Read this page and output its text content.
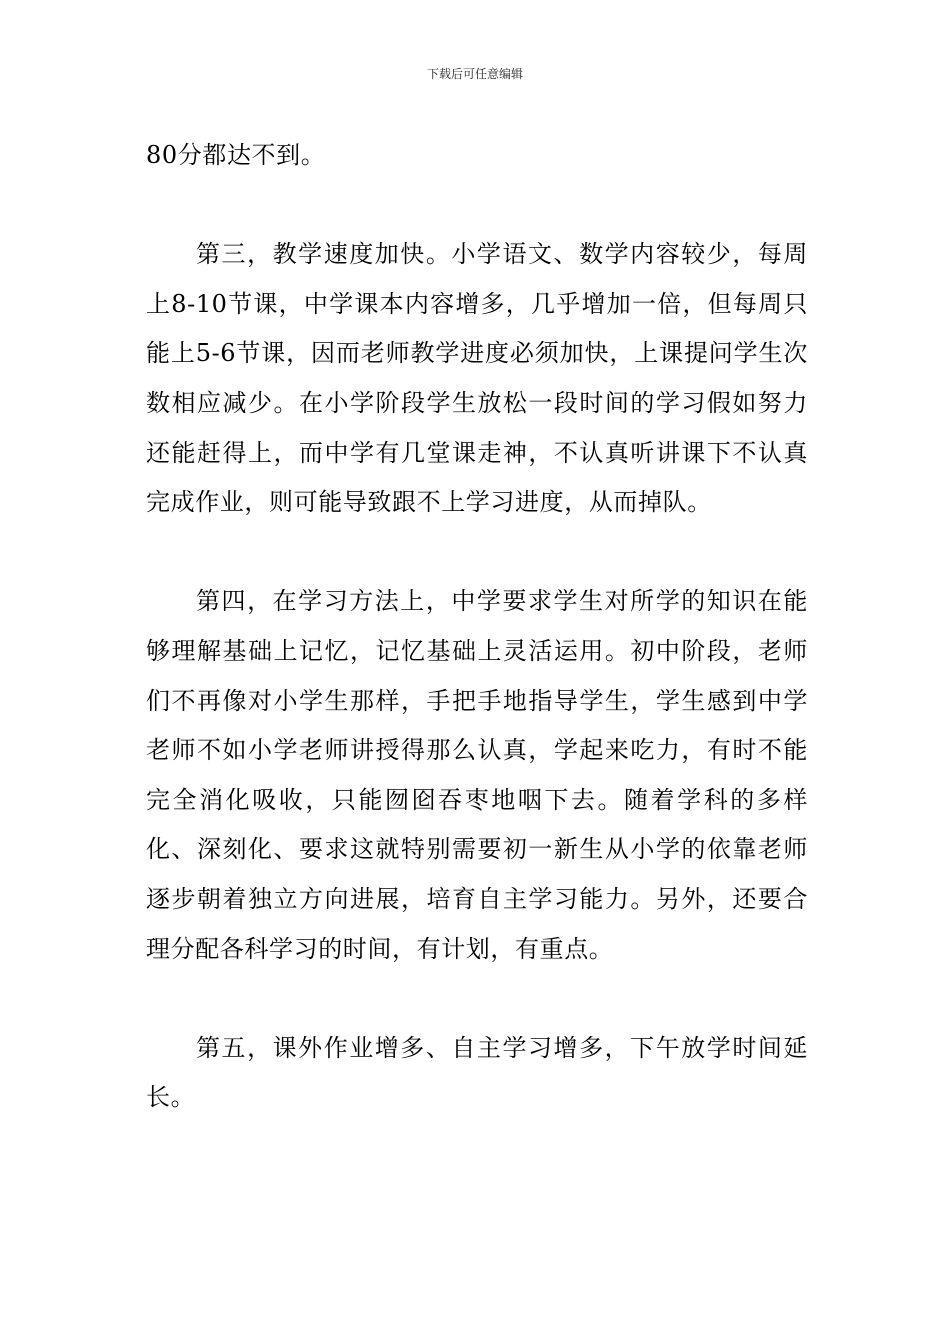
下载后可任意编辑

80分都达不到。

第三，教学速度加快。小学语文、数学内容较少，每周上8-10节课，中学课本内容增多，几乎增加一倍，但每周只能上5-6节课，因而老师教学进度必须加快，上课提问学生次数相应减少。在小学阶段学生放松一段时间的学习假如努力还能赶得上，而中学有几堂课走神，不认真听讲课下不认真完成作业，则可能导致跟不上学习进度，从而掉队。

第四，在学习方法上，中学要求学生对所学的知识在能够理解基础上记忆，记忆基础上灵活运用。初中阶段，老师们不再像对小学生那样，手把手地指导学生，学生感到中学老师不如小学老师讲授得那么认真，学起来吃力，有时不能完全消化吸收，只能囫囵吞枣地咽下去。随着学科的多样化、深刻化、要求这就特别需要初一新生从小学的依靠老师逐步朝着独立方向进展，培育自主学习能力。另外，还要合理分配各科学习的时间，有计划，有重点。

第五，课外作业增多、自主学习增多，下午放学时间延长。
